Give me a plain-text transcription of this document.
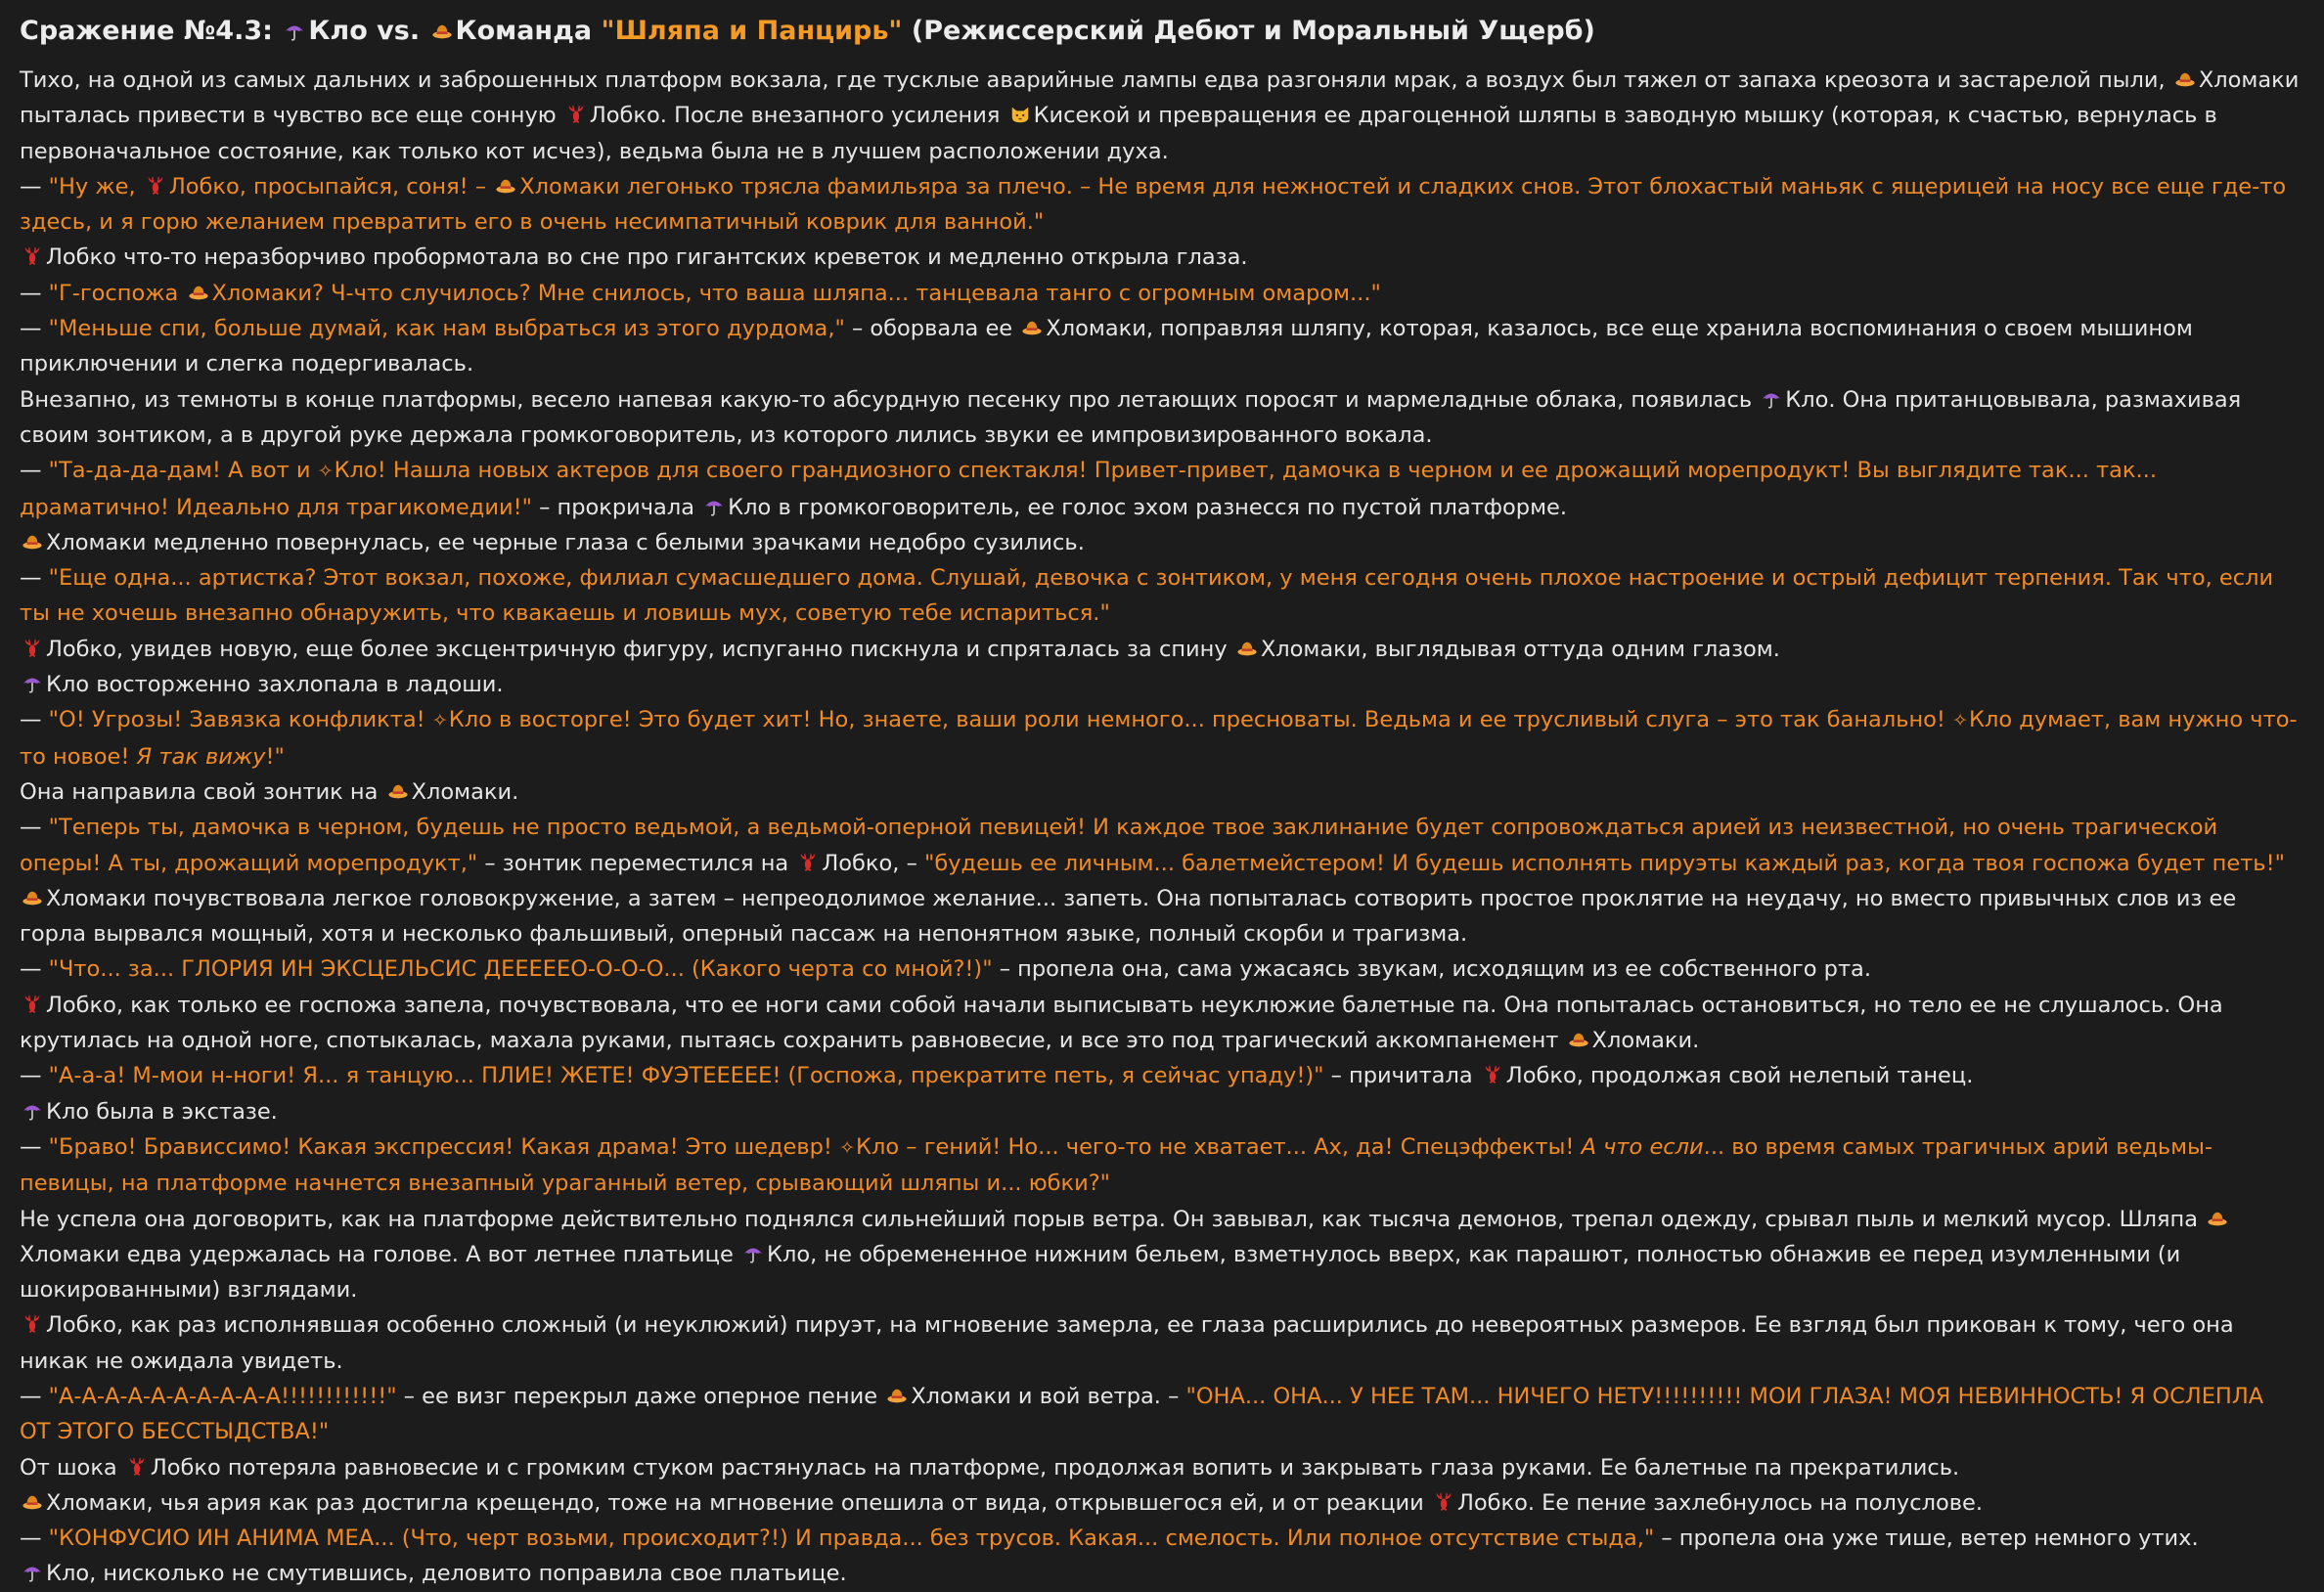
Сражение №4.3: Кло vs. Команда "Шляпа и Панцирь" (Режиссерский Дебют и Моральный Ущерб)
Тихо, на одной из самых дальних и заброшенных платформ вокзала, где тусклые аварийные лампы едва разгоняли мрак, а воздух был тяжел от запаха креозота и застарелой пыли,
Хломаки пыталась привести в чувство все еще сонную
Лобко. После внезапного усиления
Кисекой и превращения ее драгоценной шляпы в заводную мышку (которая, к счастью, вернулась в первоначальное состояние, как только кот исчез), ведьма была не в лучшем расположении духа.
— "Ну же,
Лобко, просыпайся, соня! –
Хломаки легонько трясла фамильяра за плечо. – Не время для нежностей и сладких снов. Этот блохастый маньяк с ящерицей на носу все еще где-то здесь, и я горю желанием превратить его в очень несимпатичный коврик для ванной."
Лобко что-то неразборчиво пробормотала во сне про гигантских креветок и медленно открыла глаза.
— "Г-госпожа
Хломаки? Ч-что случилось? Мне снилось, что ваша шляпа... танцевала танго с огромным омаром..."
— "Меньше спи, больше думай, как нам выбраться из этого дурдома," – оборвала ее
Хломаки, поправляя шляпу, которая, казалось, все еще хранила воспоминания о своем мышином приключении и слегка подергивалась.
Внезапно, из темноты в конце платформы, весело напевая какую-то абсурдную песенку про летающих поросят и мармеладные облака, появилась
Кло. Она пританцовывала, размахивая своим зонтиком, а в другой руке держала громкоговоритель, из которого лились звуки ее импровизированного вокала.
— "Та-да-да-дам! А вот и ✧Кло! Нашла новых актеров для своего грандиозного спектакля! Привет-привет, дамочка в черном и ее дрожащий морепродукт! Вы выглядите так... так... драматично! Идеально для трагикомедии!" – прокричала
Кло в громкоговоритель, ее голос эхом разнесся по пустой платформе.
Хломаки медленно повернулась, ее черные глаза с белыми зрачками недобро сузились.
— "Еще одна... артистка? Этот вокзал, похоже, филиал сумасшедшего дома. Слушай, девочка с зонтиком, у меня сегодня очень плохое настроение и острый дефицит терпения. Так что, если ты не хочешь внезапно обнаружить, что квакаешь и ловишь мух, советую тебе испариться."
Лобко, увидев новую, еще более эксцентричную фигуру, испуганно пискнула и спряталась за спину
Хломаки, выглядывая оттуда одним глазом.
Кло восторженно захлопала в ладоши.
— "О! Угрозы! Завязка конфликта! ✧Кло в восторге! Это будет хит! Но, знаете, ваши роли немного... пресноваты. Ведьма и ее трусливый слуга – это так банально! ✧Кло думает, вам нужно что-то новое! Я так вижу!"
Она направила свой зонтик на
Хломаки.
— "Теперь ты, дамочка в черном, будешь не просто ведьмой, а ведьмой-оперной певицей! И каждое твое заклинание будет сопровождаться арией из неизвестной, но очень трагической оперы! А ты, дрожащий морепродукт," – зонтик переместился на
Лобко, – "будешь ее личным... балетмейстером! И будешь исполнять пируэты каждый раз, когда твоя госпожа будет петь!"
Хломаки почувствовала легкое головокружение, а затем – непреодолимое желание... запеть. Она попыталась сотворить простое проклятие на неудачу, но вместо привычных слов из ее горла вырвался мощный, хотя и несколько фальшивый, оперный пассаж на непонятном языке, полный скорби и трагизма.
— "Что... за... ГЛОРИЯ ИН ЭКСЦЕЛЬСИС ДЕЕЕЕЕО-О-О-О... (Какого черта со мной?!)" – пропела она, сама ужасаясь звукам, исходящим из ее собственного рта.
Лобко, как только ее госпожа запела, почувствовала, что ее ноги сами собой начали выписывать неуклюжие балетные па. Она попыталась остановиться, но тело ее не слушалось. Она крутилась на одной ноге, спотыкалась, махала руками, пытаясь сохранить равновесие, и все это под трагический аккомпанемент
Хломаки.
— "А-а-а! М-мои н-ноги! Я... я танцую... ПЛИЕ! ЖЕТЕ! ФУЭТЕЕЕЕЕ! (Госпожа, прекратите петь, я сейчас упаду!)" – причитала
Лобко, продолжая свой нелепый танец.
Кло была в экстазе.
— "Браво! Брависсимо! Какая экспрессия! Какая драма! Это шедевр! ✧Кло – гений! Но... чего-то не хватает... Ах, да! Спецэффекты! А что если... во время самых трагичных арий ведьмы-певицы, на платформе начнется внезапный ураганный ветер, срывающий шляпы и... юбки?"
Не успела она договорить, как на платформе действительно поднялся сильнейший порыв ветра. Он завывал, как тысяча демонов, трепал одежду, срывал пыль и мелкий мусор. Шляпа
Хломаки едва удержалась на голове. А вот летнее платьице
Кло, не обремененное нижним бельем, взметнулось вверх, как парашют, полностью обнажив ее перед изумленными (и шокированными) взглядами.
Лобко, как раз исполнявшая особенно сложный (и неуклюжий) пируэт, на мгновение замерла, ее глаза расширились до невероятных размеров. Ее взгляд был прикован к тому, чего она никак не ожидала увидеть.
— "А-А-А-А-А-А-А-А-А-А!!!!!!!!!!!!" – ее визг перекрыл даже оперное пение
Хломаки и вой ветра. – "ОНА... ОНА... У НЕЕ ТАМ... НИЧЕГО НЕТУ!!!!!!!!!! МОИ ГЛАЗА! МОЯ НЕВИННОСТЬ! Я ОСЛЕПЛА ОТ ЭТОГО БЕССТЫДСТВА!"
От шока
Лобко потеряла равновесие и с громким стуком растянулась на платформе, продолжая вопить и закрывать глаза руками. Ее балетные па прекратились.
Хломаки, чья ария как раз достигла крещендо, тоже на мгновение опешила от вида, открывшегося ей, и от реакции
Лобко. Ее пение захлебнулось на полуслове.
— "КОНФУСИО ИН АНИМА МЕА... (Что, черт возьми, происходит?!) И правда... без трусов. Какая... смелость. Или полное отсутствие стыда," – пропела она уже тише, ветер немного утих.
Кло, нисколько не смутившись, деловито поправила свое платьице.
